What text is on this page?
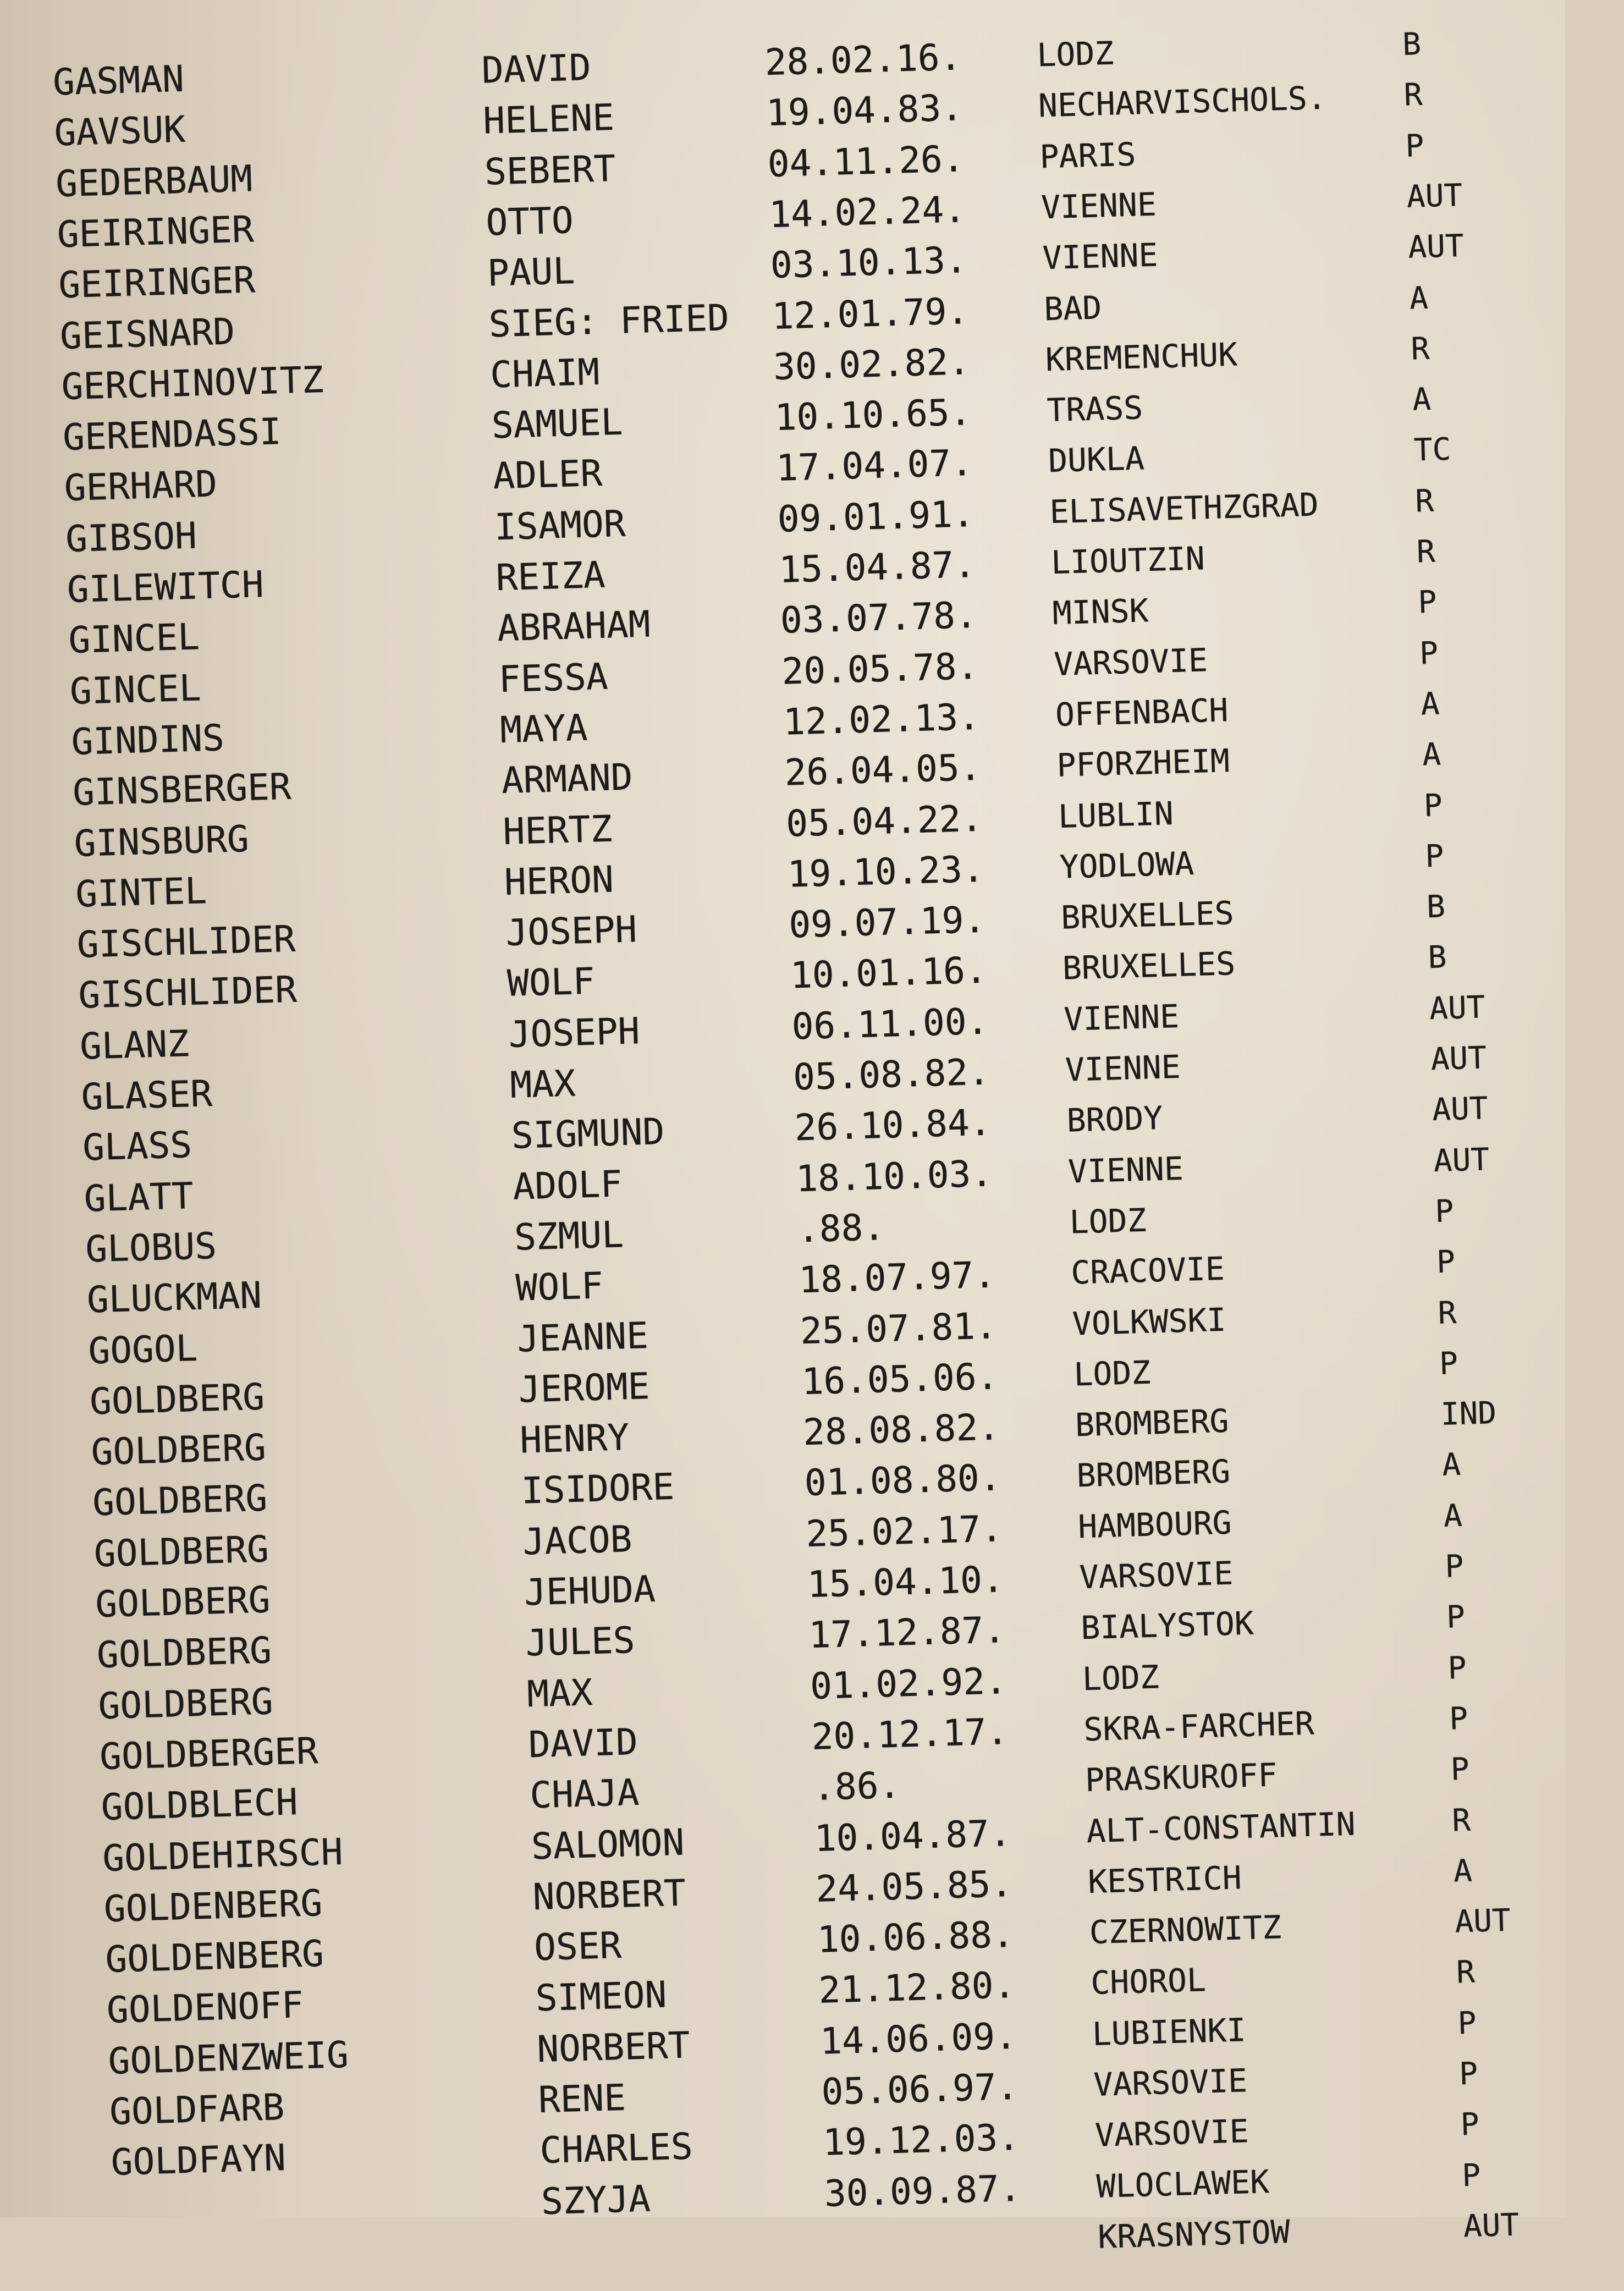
GASMAN	DAVID	28.02.16. LODZ	B
GAVSUK	HELENE	19.04.83. NECHARVISCHOLS. R
GEDERBAUM	SEBERT	04.11.26. PARIS	P
GEIRINGER	OTTO	14.02.24. VIENNE	AUT
GEIRINGER	PAUL	03.10.13. VIENNE	AUT
GEISNARD	SIEG: FRIED 12.01.79. BAD	A
GERCHINOVITZ	CHAIM	30.02.82. KREMENCHUK	R
GERENDASSI	SAMUEL	10.10.65. TRASS	A
GERHARD	ADLER	17.04.07. DUKLA	TC
GIBSOH	ISAMOR	09.01.91. ELISAVETHZGRAD	R
GILEWITCH	REIZA	15.04.87. LIOUTZIN	R
GINCEL	ABRAHAM	03.07.78. MINSK	P
GINCEL	FESSA	20.05.78. VARSOVIE	P
GINDINS	MAYA	12.02.13. OFFENBACH	A
GINSBERGER	ARMAND	26.04.05. PFORZHEIM	A
GINSBURG	HERTZ	05.04.22. LUBLIN	P
GINTEL	HERON	19.10.23. YODLOWA	P
GISCHLIDER	JOSEPH	09.07.19. BRUXELLES	B
GISCHLIDER	WOLF	10.01.16. BRUXELLES	B
GLANZ	JOSEPH	06.11.00. VIENNE	AUT
GLASER	MAX	05.08.82. VIENNE	AUT
GLASS	SIGMUND	26.10.84. BRODY	AUT
GLATT	ADOLF	18.10.03. VIENNE	AUT
GLOBUS	SZMUL	.88.	LODZ	P
GLUCKMAN	WOLF	18.07.97. CRACOVIE	P
GOGOL	JEANNE	25.07.81. VOLKWSKI	R
GOLDBERG	JEROME	16.05.06. LODZ	P
GOLDBERG	HENRY	28.08.82. BROMBERG	IND
GOLDBERG	ISIDORE	01.08.80. BROMBERG	A
GOLDBERG	JACOB	25.02.17. HAMBOURG	A
GOLDBERG	JEHUDA	15.04.10. VARSOVIE	P
GOLDBERG	JULES	17.12.87. BIALYSTOK	P
GOLDBERG	MAX	01.02.92. LODZ	P
GOLDBERGER	DAVID	20.12.17. SKRA-FARCHER	P
GOLDBLECH	CHAJA	.86.	PRASKUROFF	P
GOLDEHIRSCH	SALOMON	10.04.87. ALT-CONSTANTIN	R
GOLDENBERG	NORBERT	24.05.85. KESTRICH	A
GOLDENBERG	OSER	10.06.88. CZERNOWITZ	AUT
GOLDENOFF	SIMEON	21.12.80. CHOROL	R
GOLDENZWEIG	NORBERT	14.06.09. LUBIENKI	P
GOLDFARB	RENE	05.06.97. VARSOVIE	P
GOLDFAYN	CHARLES	19.12.03. VARSOVIE	P
SZYJA	30.09.87. WLOCLAWEK	P
KRASNYSTOW	AUT
